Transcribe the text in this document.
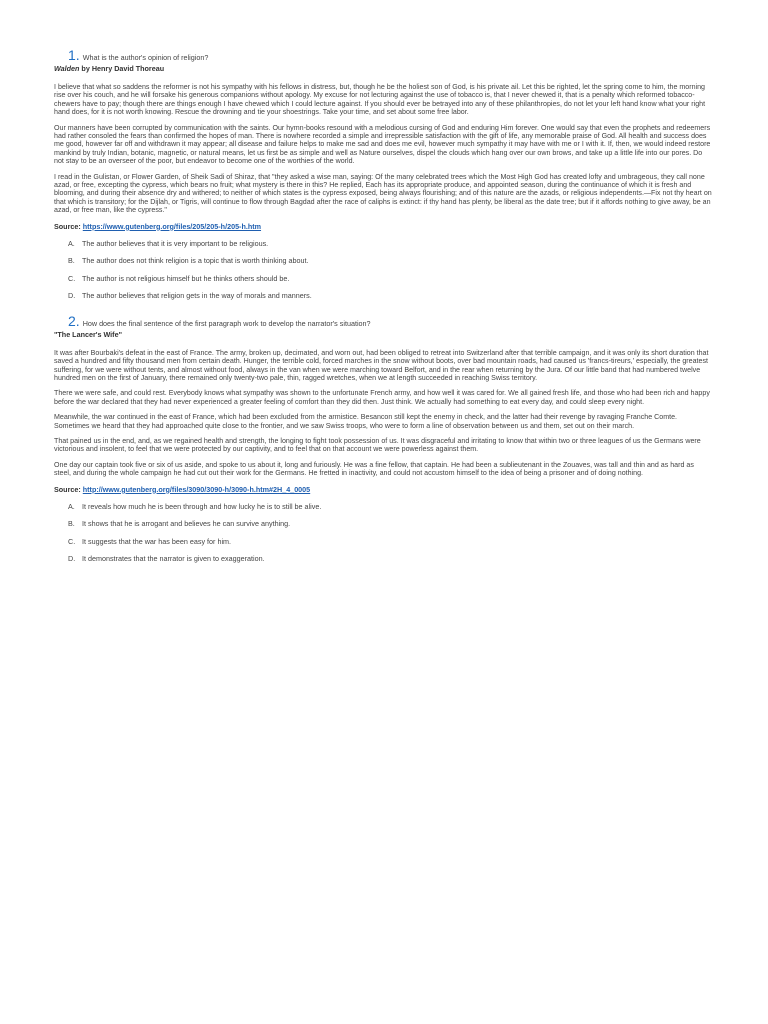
1. What is the author's opinion of religion?
Walden by Henry David Thoreau

I believe that what so saddens the reformer is not his sympathy with his fellows in distress, but, though he be the holiest son of God, is his private ail. Let this be righted, let the spring come to him, the morning rise over his couch, and he will forsake his generous companions without apology. My excuse for not lecturing against the use of tobacco is, that I never chewed it, that is a penalty which reformed tobacco-chewers have to pay; though there are things enough I have chewed which I could lecture against. If you should ever be betrayed into any of these philanthropies, do not let your left hand know what your right hand does, for it is not worth knowing. Rescue the drowning and tie your shoestrings. Take your time, and set about some free labor.

Our manners have been corrupted by communication with the saints. Our hymn-books resound with a melodious cursing of God and enduring Him forever. One would say that even the prophets and redeemers had rather consoled the fears than confirmed the hopes of man. There is nowhere recorded a simple and irrepressible satisfaction with the gift of life, any memorable praise of God. All health and success does me good, however far off and withdrawn it may appear; all disease and failure helps to make me sad and does me evil, however much sympathy it may have with me or I with it. If, then, we would indeed restore mankind by truly Indian, botanic, magnetic, or natural means, let us first be as simple and well as Nature ourselves, dispel the clouds which hang over our own brows, and take up a little life into our pores. Do not stay to be an overseer of the poor, but endeavor to become one of the worthies of the world.

I read in the Gulistan, or Flower Garden, of Sheik Sadi of Shiraz, that "they asked a wise man, saying: Of the many celebrated trees which the Most High God has created lofty and umbrageous, they call none azad, or free, excepting the cypress, which bears no fruit; what mystery is there in this? He replied, Each has its appropriate produce, and appointed season, during the continuance of which it is fresh and blooming, and during their absence dry and withered; to neither of which states is the cypress exposed, being always flourishing; and of this nature are the azads, or religious independents.—Fix not thy heart on that which is transitory; for the Dijlah, or Tigris, will continue to flow through Bagdad after the race of caliphs is extinct: if thy hand has plenty, be liberal as the date tree; but if it affords nothing to give away, be an azad, or free man, like the cypress."

Source: https://www.gutenberg.org/files/205/205-h/205-h.htm
A.	The author believes that it is very important to be religious.
B.	The author does not think religion is a topic that is worth thinking about.
C. The author is not religious himself but he thinks others should be.
D. The author believes that religion gets in the way of morals and manners.
2. How does the final sentence of the first paragraph work to develop the narrator's situation?
"The Lancer's Wife"

It was after Bourbaki's defeat in the east of France. The army, broken up, decimated, and worn out, had been obliged to retreat into Switzerland after that terrible campaign, and it was only its short duration that saved a hundred and fifty thousand men from certain death. Hunger, the terrible cold, forced marches in the snow without boots, over bad mountain roads, had caused us 'francs-tireurs,' especially, the greatest suffering, for we were without tents, and almost without food, always in the van when we were marching toward Belfort, and in the rear when returning by the Jura. Of our little band that had numbered twelve hundred men on the first of January, there remained only twenty-two pale, thin, ragged wretches, when we at length succeeded in reaching Swiss territory.

There we were safe, and could rest. Everybody knows what sympathy was shown to the unfortunate French army, and how well it was cared for. We all gained fresh life, and those who had been rich and happy before the war declared that they had never experienced a greater feeling of comfort than they did then. Just think. We actually had something to eat every day, and could sleep every night.

Meanwhile, the war continued in the east of France, which had been excluded from the armistice. Besancon still kept the enemy in check, and the latter had their revenge by ravaging Franche Comte. Sometimes we heard that they had approached quite close to the frontier, and we saw Swiss troops, who were to form a line of observation between us and them, set out on their march.

That pained us in the end, and, as we regained health and strength, the longing to fight took possession of us. It was disgraceful and irritating to know that within two or three leagues of us the Germans were victorious and insolent, to feel that we were protected by our captivity, and to feel that on that account we were powerless against them.

One day our captain took five or six of us aside, and spoke to us about it, long and furiously. He was a fine fellow, that captain. He had been a sublieutenant in the Zouaves, was tall and thin and as hard as steel, and during the whole campaign he had cut out their work for the Germans. He fretted in inactivity, and could not accustom himself to the idea of being a prisoner and of doing nothing.

Source: http://www.gutenberg.org/files/3090/3090-h/3090-h.htm#2H_4_0005
A.	It reveals how much he is been through and how lucky he is to still be alive.
B.	It shows that he is arrogant and believes he can survive anything.
C. It suggests that the war has been easy for him.
D. It demonstrates that the narrator is given to exaggeration.
